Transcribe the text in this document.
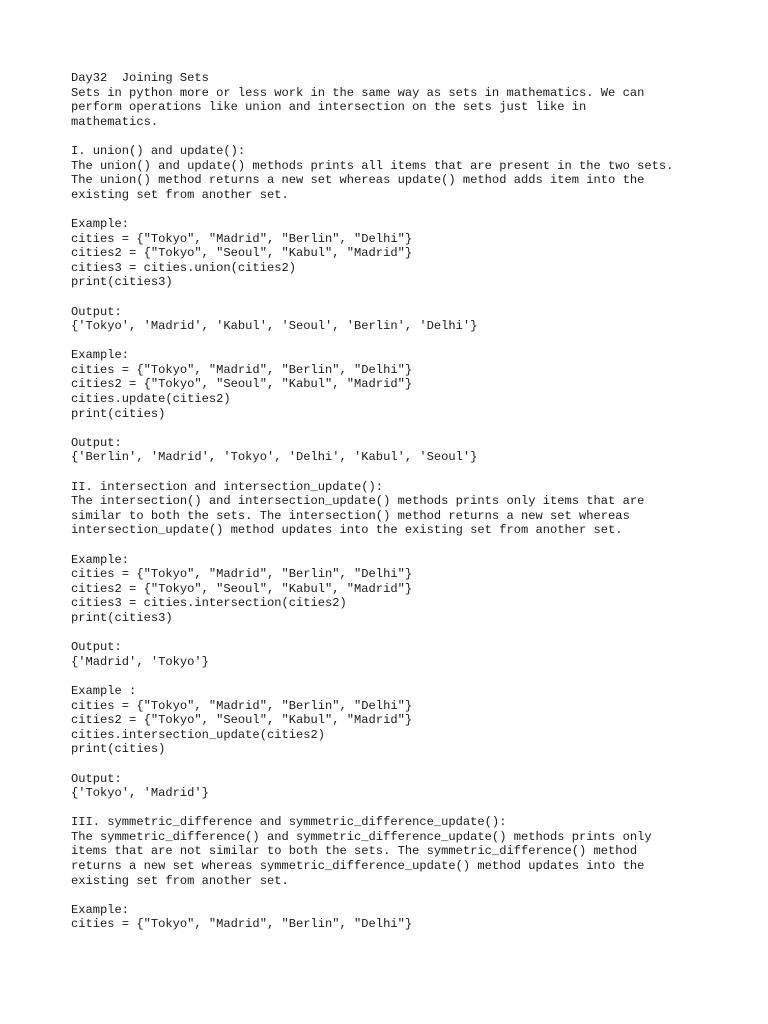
Day32  Joining Sets
Sets in python more or less work in the same way as sets in mathematics. We can
perform operations like union and intersection on the sets just like in
mathematics.
I. union() and update():
The union() and update() methods prints all items that are present in the two sets.
The union() method returns a new set whereas update() method adds item into the
existing set from another set.
Example:
cities = {"Tokyo", "Madrid", "Berlin", "Delhi"}
cities2 = {"Tokyo", "Seoul", "Kabul", "Madrid"}
cities3 = cities.union(cities2)
print(cities3)
Output:
{'Tokyo', 'Madrid', 'Kabul', 'Seoul', 'Berlin', 'Delhi'}
Example:
cities = {"Tokyo", "Madrid", "Berlin", "Delhi"}
cities2 = {"Tokyo", "Seoul", "Kabul", "Madrid"}
cities.update(cities2)
print(cities)
Output:
{'Berlin', 'Madrid', 'Tokyo', 'Delhi', 'Kabul', 'Seoul'}
II. intersection and intersection_update():
The intersection() and intersection_update() methods prints only items that are
similar to both the sets. The intersection() method returns a new set whereas
intersection_update() method updates into the existing set from another set.
Example:
cities = {"Tokyo", "Madrid", "Berlin", "Delhi"}
cities2 = {"Tokyo", "Seoul", "Kabul", "Madrid"}
cities3 = cities.intersection(cities2)
print(cities3)
Output:
{'Madrid', 'Tokyo'}
Example :
cities = {"Tokyo", "Madrid", "Berlin", "Delhi"}
cities2 = {"Tokyo", "Seoul", "Kabul", "Madrid"}
cities.intersection_update(cities2)
print(cities)
Output:
{'Tokyo', 'Madrid'}
III. symmetric_difference and symmetric_difference_update():
The symmetric_difference() and symmetric_difference_update() methods prints only
items that are not similar to both the sets. The symmetric_difference() method
returns a new set whereas symmetric_difference_update() method updates into the
existing set from another set.
Example:
cities = {"Tokyo", "Madrid", "Berlin", "Delhi"}
